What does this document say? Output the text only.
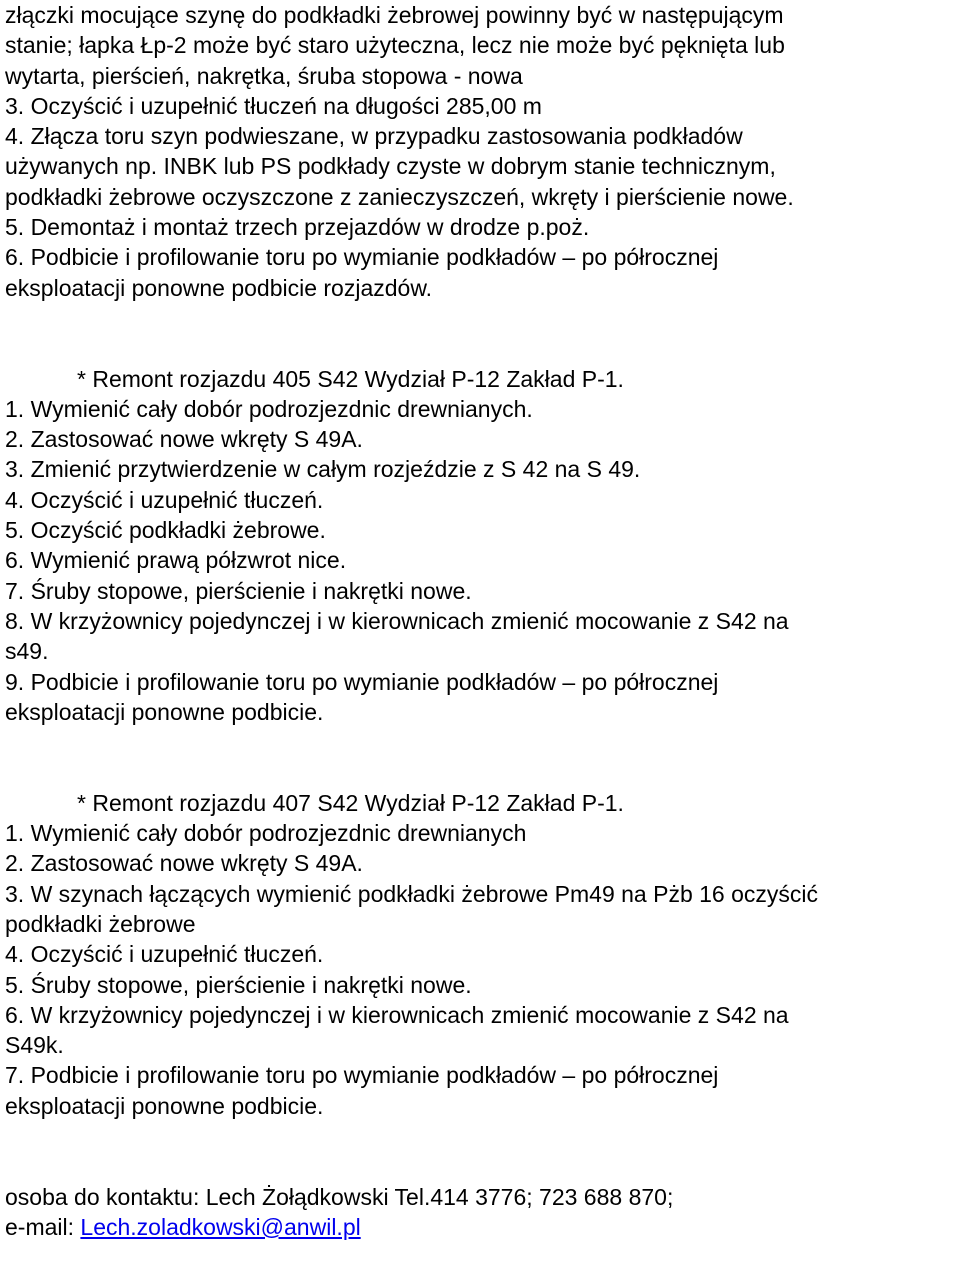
złączki mocujące szynę do podkładki żebrowej powinny być w następującym
stanie; łapka Łp-2 może być staro użyteczna, lecz nie może być pęknięta lub
wytarta, pierścień, nakrętka, śruba stopowa - nowa
3. Oczyścić i uzupełnić tłuczeń na długości 285,00 m
4. Złącza toru szyn podwieszane, w przypadku zastosowania podkładów
używanych np. INBK lub PS podkłady czyste w dobrym stanie technicznym,
podkładki żebrowe oczyszczone z zanieczyszczeń, wkręty i pierścienie nowe.
5. Demontaż i montaż trzech przejazdów w drodze p.poż.
6. Podbicie i profilowanie toru po wymianie podkładów – po półrocznej
eksploatacji ponowne podbicie rozjazdów.
* Remont rozjazdu 405 S42 Wydział P-12 Zakład P-1.
1. Wymienić cały dobór podrozjezdnic drewnianych.
2. Zastosować nowe wkręty S 49A.
3. Zmienić przytwierdzenie w całym rozjeździe z S 42 na S 49.
4. Oczyścić i uzupełnić tłuczeń.
5. Oczyścić podkładki żebrowe.
6. Wymienić prawą półzwrot nice.
7. Śruby stopowe, pierścienie i nakrętki nowe.
8. W krzyżownicy pojedynczej i w kierownicach zmienić mocowanie z S42 na
s49.
9. Podbicie i profilowanie toru po wymianie podkładów – po półrocznej
eksploatacji ponowne podbicie.
* Remont rozjazdu 407 S42 Wydział P-12 Zakład P-1.
1. Wymienić cały dobór podrozjezdnic drewnianych
2. Zastosować nowe wkręty S 49A.
3. W szynach łączących wymienić podkładki żebrowe Pm49 na Pżb 16 oczyścić
podkładki żebrowe
4. Oczyścić i uzupełnić tłuczeń.
5. Śruby stopowe, pierścienie i nakrętki nowe.
6. W krzyżownicy pojedynczej i w kierownicach zmienić mocowanie z S42 na
S49k.
7. Podbicie i profilowanie toru po wymianie podkładów – po półrocznej
eksploatacji ponowne podbicie.
osoba do kontaktu: Lech Żołądkowski Tel.414 3776; 723 688 870;
e-mail: Lech.zoladkowski@anwil.pl
